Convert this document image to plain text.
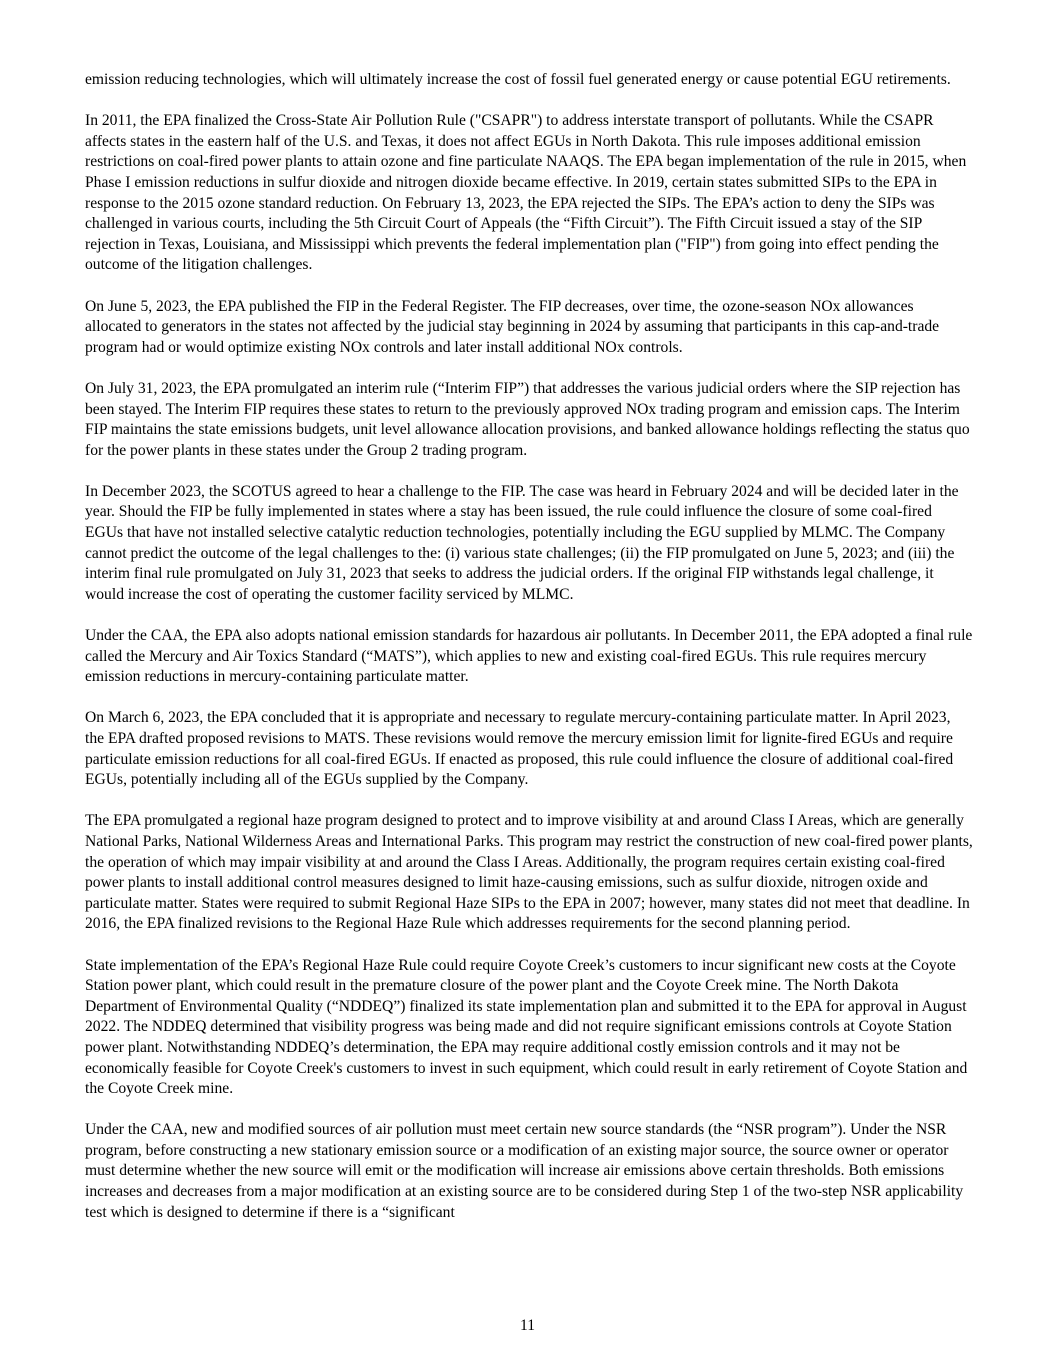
emission reducing technologies, which will ultimately increase the cost of fossil fuel generated energy or cause potential EGU retirements.

In 2011, the EPA finalized the Cross-State Air Pollution Rule ("CSAPR") to address interstate transport of pollutants. While the CSAPR affects states in the eastern half of the U.S. and Texas, it does not affect EGUs in North Dakota. This rule imposes additional emission restrictions on coal-fired power plants to attain ozone and fine particulate NAAQS. The EPA began implementation of the rule in 2015, when Phase I emission reductions in sulfur dioxide and nitrogen dioxide became effective. In 2019, certain states submitted SIPs to the EPA in response to the 2015 ozone standard reduction. On February 13, 2023, the EPA rejected the SIPs. The EPA’s action to deny the SIPs was challenged in various courts, including the 5th Circuit Court of Appeals (the “Fifth Circuit”). The Fifth Circuit issued a stay of the SIP rejection in Texas, Louisiana, and Mississippi which prevents the federal implementation plan ("FIP") from going into effect pending the outcome of the litigation challenges.

On June 5, 2023, the EPA published the FIP in the Federal Register. The FIP decreases, over time, the ozone-season NOx allowances allocated to generators in the states not affected by the judicial stay beginning in 2024 by assuming that participants in this cap-and-trade program had or would optimize existing NOx controls and later install additional NOx controls.

On July 31, 2023, the EPA promulgated an interim rule (“Interim FIP”) that addresses the various judicial orders where the SIP rejection has been stayed. The Interim FIP requires these states to return to the previously approved NOx trading program and emission caps. The Interim FIP maintains the state emissions budgets, unit level allowance allocation provisions, and banked allowance holdings reflecting the status quo for the power plants in these states under the Group 2 trading program.

In December 2023, the SCOTUS agreed to hear a challenge to the FIP. The case was heard in February 2024 and will be decided later in the year. Should the FIP be fully implemented in states where a stay has been issued, the rule could influence the closure of some coal-fired EGUs that have not installed selective catalytic reduction technologies, potentially including the EGU supplied by MLMC. The Company cannot predict the outcome of the legal challenges to the: (i) various state challenges; (ii) the FIP promulgated on June 5, 2023; and (iii) the interim final rule promulgated on July 31, 2023 that seeks to address the judicial orders. If the original FIP withstands legal challenge, it would increase the cost of operating the customer facility serviced by MLMC.

Under the CAA, the EPA also adopts national emission standards for hazardous air pollutants. In December 2011, the EPA adopted a final rule called the Mercury and Air Toxics Standard (“MATS”), which applies to new and existing coal-fired EGUs. This rule requires mercury emission reductions in mercury-containing particulate matter.

On March 6, 2023, the EPA concluded that it is appropriate and necessary to regulate mercury-containing particulate matter. In April 2023, the EPA drafted proposed revisions to MATS. These revisions would remove the mercury emission limit for lignite-fired EGUs and require particulate emission reductions for all coal-fired EGUs. If enacted as proposed, this rule could influence the closure of additional coal-fired EGUs, potentially including all of the EGUs supplied by the Company.

The EPA promulgated a regional haze program designed to protect and to improve visibility at and around Class I Areas, which are generally National Parks, National Wilderness Areas and International Parks. This program may restrict the construction of new coal-fired power plants, the operation of which may impair visibility at and around the Class I Areas. Additionally, the program requires certain existing coal-fired power plants to install additional control measures designed to limit haze-causing emissions, such as sulfur dioxide, nitrogen oxide and particulate matter. States were required to submit Regional Haze SIPs to the EPA in 2007; however, many states did not meet that deadline. In 2016, the EPA finalized revisions to the Regional Haze Rule which addresses requirements for the second planning period.

State implementation of the EPA’s Regional Haze Rule could require Coyote Creek’s customers to incur significant new costs at the Coyote Station power plant, which could result in the premature closure of the power plant and the Coyote Creek mine. The North Dakota Department of Environmental Quality (“NDDEQ”) finalized its state implementation plan and submitted it to the EPA for approval in August 2022. The NDDEQ determined that visibility progress was being made and did not require significant emissions controls at Coyote Station power plant. Notwithstanding NDDEQ’s determination, the EPA may require additional costly emission controls and it may not be economically feasible for Coyote Creek's customers to invest in such equipment, which could result in early retirement of Coyote Station and the Coyote Creek mine.

Under the CAA, new and modified sources of air pollution must meet certain new source standards (the “NSR program”). Under the NSR program, before constructing a new stationary emission source or a modification of an existing major source, the source owner or operator must determine whether the new source will emit or the modification will increase air emissions above certain thresholds. Both emissions increases and decreases from a major modification at an existing source are to be considered during Step 1 of the two-step NSR applicability test which is designed to determine if there is a “significant

11
